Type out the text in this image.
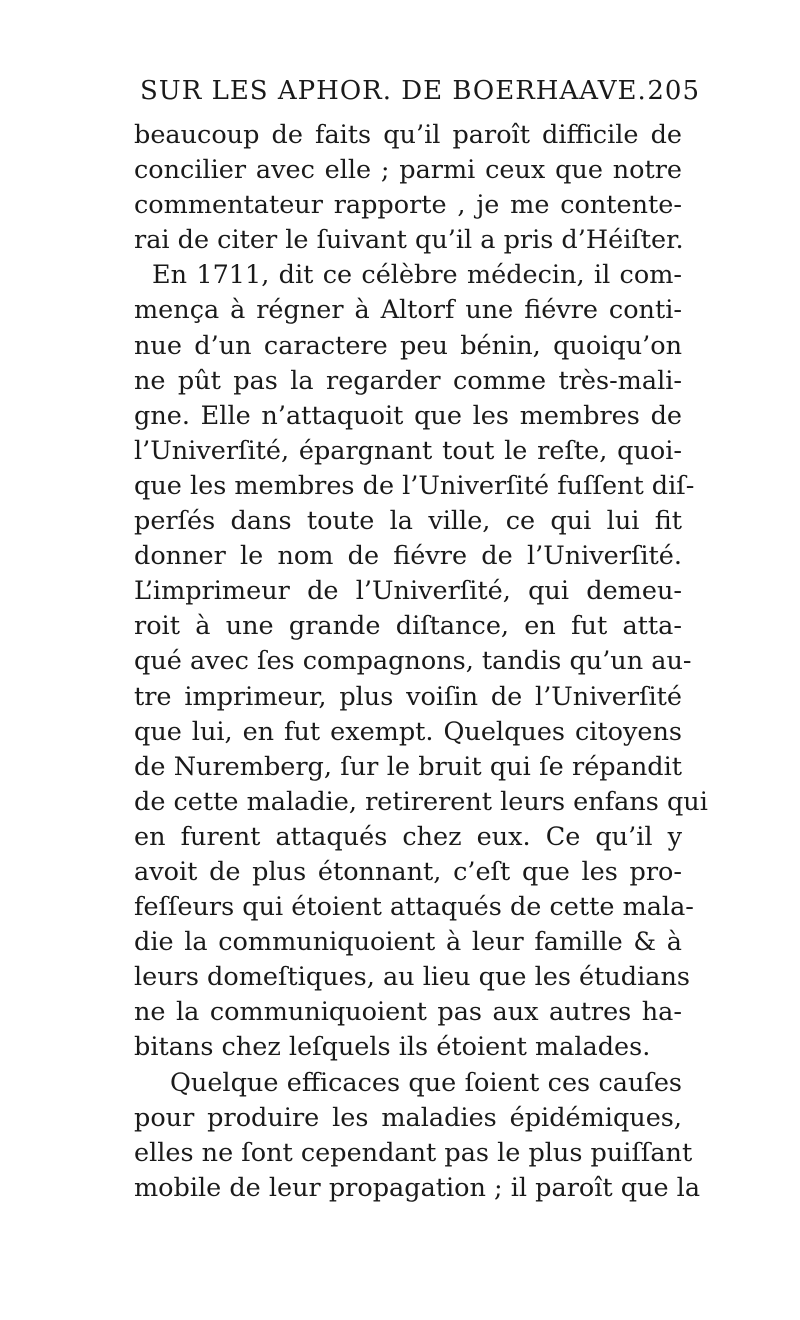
SUR LES APHOR. DE BOERHAAVE. 205
beaucoup de faits qu’il paroît difficile de
concilier avec elle ; parmi ceux que notre
commentateur rapporte , je me contente-
rai de citer le ſuivant qu’il a pris d’Héiſter.
En 1711, dit ce célèbre médecin, il com-
mença à régner à Altorf une fiévre conti-
nue d’un caractere peu bénin, quoiqu’on
ne pût pas la regarder comme très-mali-
gne. Elle n’attaquoit que les membres de
l’Univerſité, épargnant tout le reſte, quoi-
que les membres de l’Univerſité fuſſent diſ-
perſés dans toute la ville, ce qui lui fit
donner le nom de fiévre de l’Univerſité.
L’imprimeur de l’Univerſité, qui demeu-
roit à une grande diſtance, en fut atta-
qué avec ſes compagnons, tandis qu’un au-
tre imprimeur, plus voiſin de l’Univerſité
que lui, en fut exempt. Quelques citoyens
de Nuremberg, ſur le bruit qui ſe répandit
de cette maladie, retirerent leurs enfans qui
en furent attaqués chez eux. Ce qu’il y
avoit de plus étonnant, c’eſt que les pro-
feſſeurs qui étoient attaqués de cette mala-
die la communiquoient à leur famille & à
leurs domeſtiques, au lieu que les étudians
ne la communiquoient pas aux autres ha-
bitans chez leſquels ils étoient malades.
Quelque efficaces que ſoient ces cauſes
pour produire les maladies épidémiques,
elles ne ſont cependant pas le plus puiſſant
mobile de leur propagation ; il paroît que la
